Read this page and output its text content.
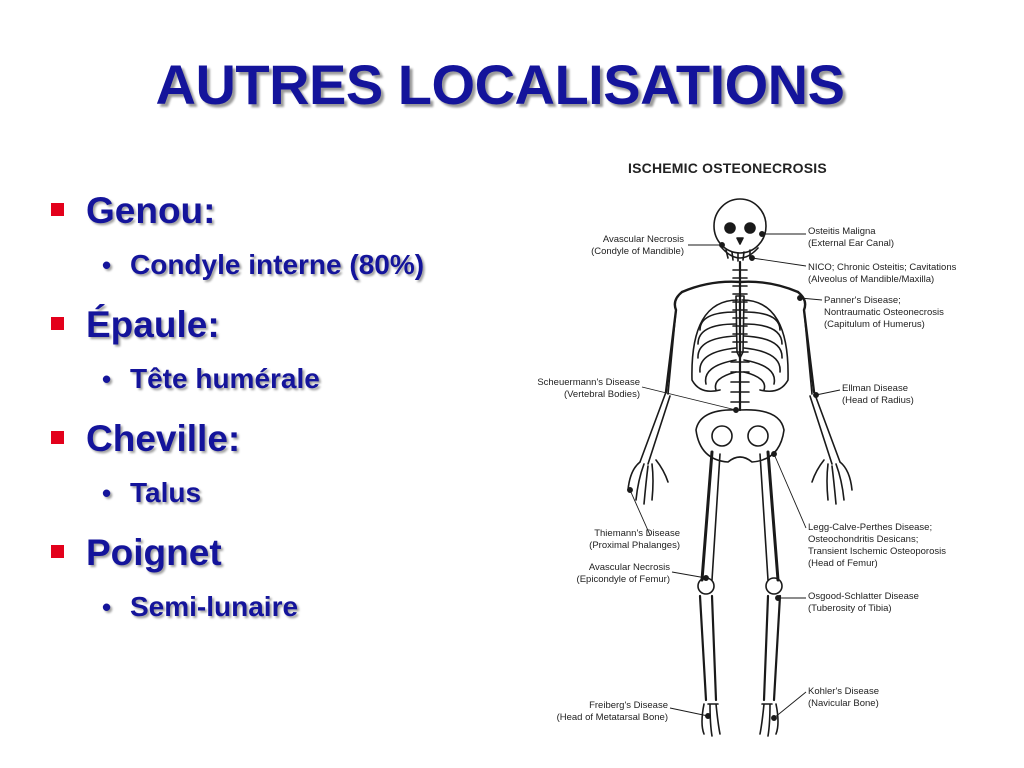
AUTRES LOCALISATIONS
Genou:
• Condyle interne (80%)
Épaule:
• Tête humérale
Cheville:
• Talus
Poignet
• Semi-lunaire
ISCHEMIC OSTEONECROSIS
Avascular Necrosis
(Condyle of Mandible)
Osteitis Maligna
(External Ear Canal)
NICO; Chronic Osteitis; Cavitations
(Alveolus of Mandible/Maxilla)
Panner's Disease;
Nontraumatic Osteonecrosis
(Capitulum of Humerus)
Scheuermann's Disease
(Vertebral Bodies)
Ellman Disease
(Head of Radius)
Thiemann's Disease
(Proximal Phalanges)
Legg-Calve-Perthes Disease;
Osteochondritis Desicans;
Transient Ischemic Osteoporosis
(Head of Femur)
Avascular Necrosis
(Epicondyle of Femur)
Osgood-Schlatter Disease
(Tuberosity of Tibia)
Freiberg's Disease
(Head of Metatarsal Bone)
Kohler's Disease
(Navicular Bone)
